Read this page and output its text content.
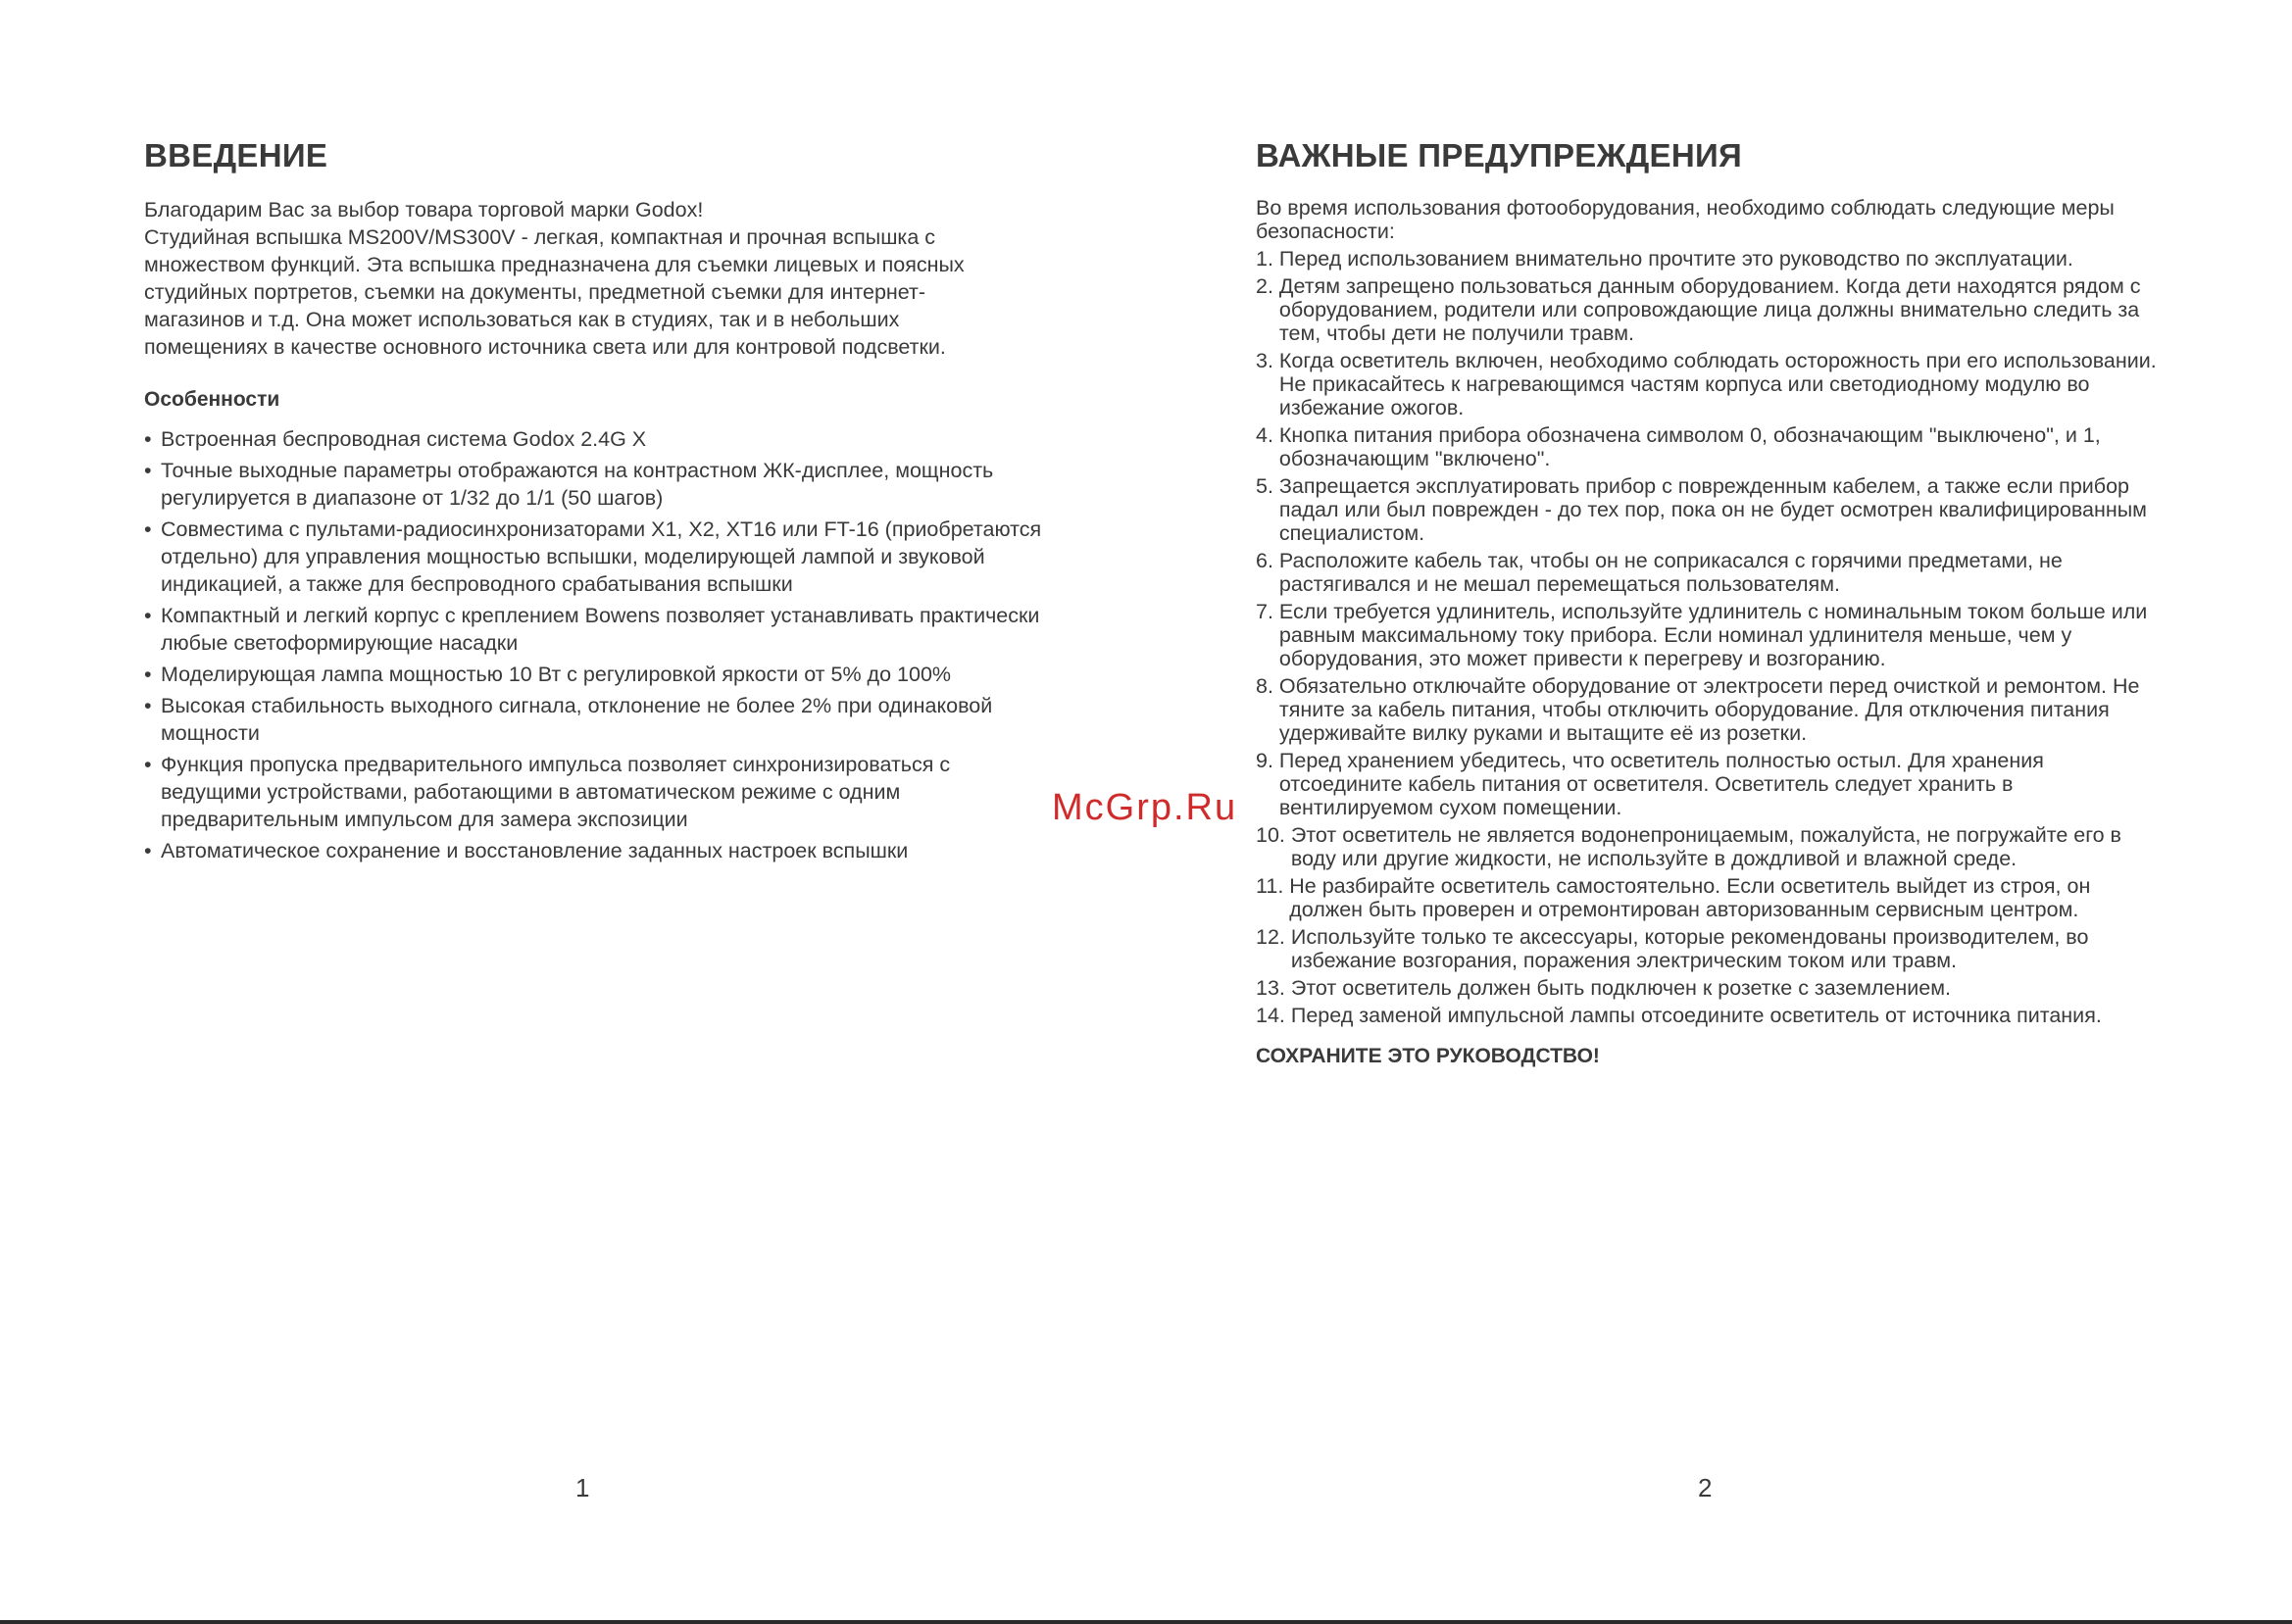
ВВЕДЕНИЕ

Благодарим Вас за выбор товара торговой марки Godox!

Студийная вспышка MS200V/MS300V - легкая, компактная и прочная вспышка с

множеством функций. Эта вспышка предназначена для съемки лицевых и поясных

студийных портретов, съемки на документы, предметной съемки для интернет-

магазинов и т.д. Она может использоваться как в студиях, так и в небольших

помещениях в качестве основного источника света или для контровой подсветки.

Особенности
• Встроенная беспроводная система Godox 2.4G X
• Точные выходные параметры отображаются на контрастном ЖК-дисплее, мощность регулируется в диапазоне от 1/32 до 1/1 (50 шагов)
• Совместима с пультами-радиосинхронизаторами X1, X2, XT16 или FT-16 (приобретаются отдельно) для управления мощностью вспышки, моделирующей лампой и звуковой индикацией, а также для беспроводного срабатывания вспышки
• Компактный и легкий корпус с креплением Bowens позволяет устанавливать практически любые светоформирующие насадки
• Моделирующая лампа мощностью 10 Вт с регулировкой яркости от 5% до 100%
• Высокая стабильность выходного сигнала, отклонение не более 2% при одинаковой мощности
• Функция пропуска предварительного импульса позволяет синхронизироваться с ведущими устройствами, работающими в автоматическом режиме с одним предварительным импульсом для замера экспозиции
• Автоматическое сохранение и восстановление заданных настроек вспышки
ВАЖНЫЕ ПРЕДУПРЕЖДЕНИЯ

Во время использования фотооборудования, необходимо соблюдать следующие меры безопасности:

1. Перед использованием внимательно прочтите это руководство по эксплуатации.
2. Детям запрещено пользоваться данным оборудованием. Когда дети находятся рядом с оборудованием, родители или сопровождающие лица должны внимательно следить за тем, чтобы дети не получили травм.
3. Когда осветитель включен, необходимо соблюдать осторожность при его использовании. Не прикасайтесь к нагревающимся частям корпуса или светодиодному модулю во избежание ожогов.
4. Кнопка питания прибора обозначена символом 0, обозначающим "выключено", и 1, обозначающим "включено".
5. Запрещается эксплуатировать прибор с поврежденным кабелем, а также если прибор падал или был поврежден - до тех пор, пока он не будет осмотрен квалифицированным специалистом.
6. Расположите кабель так, чтобы он не соприкасался с горячими предметами, не растягивался и не мешал перемещаться пользователям.
7. Если требуется удлинитель, используйте удлинитель с номинальным током больше или равным максимальному току прибора. Если номинал удлинителя меньше, чем у оборудования, это может привести к перегреву и возгоранию.
8. Обязательно отключайте оборудование от электросети перед очисткой и ремонтом. Не тяните за кабель питания, чтобы отключить оборудование. Для отключения питания удерживайте вилку руками и вытащите её из розетки.
9. Перед хранением убедитесь, что осветитель полностью остыл. Для хранения отсоедините кабель питания от осветителя. Осветитель следует хранить в вентилируемом сухом помещении.
10. Этот осветитель не является водонепроницаемым, пожалуйста, не погружайте его в воду или другие жидкости, не используйте в дождливой и влажной среде.
11. Не разбирайте осветитель самостоятельно. Если осветитель выйдет из строя, он должен быть проверен и отремонтирован авторизованным сервисным центром.
12. Используйте только те аксессуары, которые рекомендованы производителем, во избежание возгорания, поражения электрическим током или травм.
13. Этот осветитель должен быть подключен к розетке с заземлением.
14. Перед заменой импульсной лампы отсоедините осветитель от источника питания.
СОХРАНИТЕ ЭТО РУКОВОДСТВО!
McGrp.Ru
1	2
